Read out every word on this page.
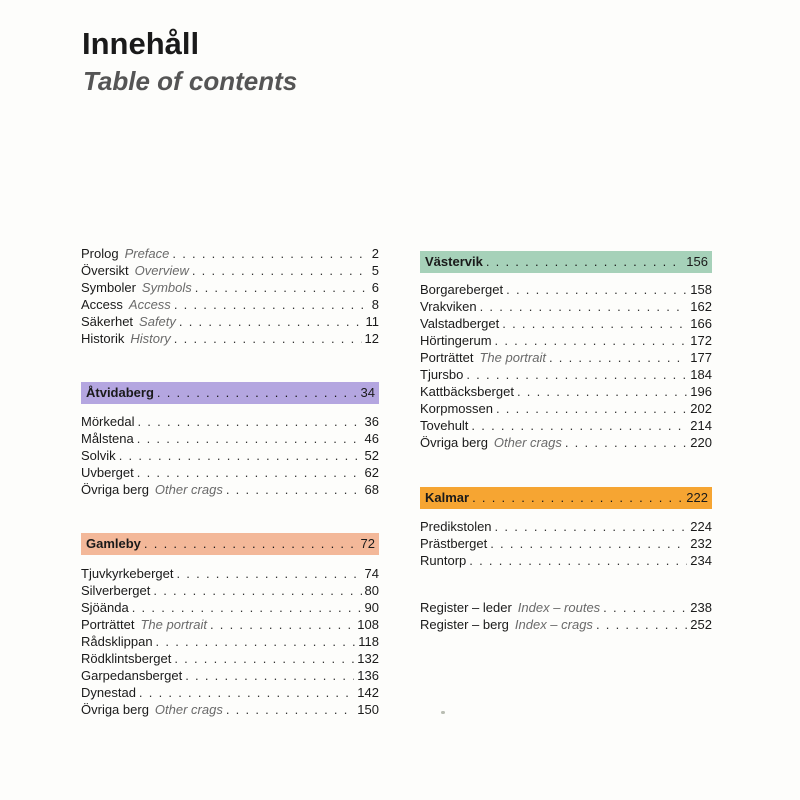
Innehåll
Table of contents
Prolog Preface . . .	2
Översikt Overview . . .	5
Symboler Symbols . . .	6
Access Access . . .	8
Säkerhet Safety . . .	11
Historik History . . .	12
Åtvidaberg . . .	34
Mörkedal . . .	36
Målstena . . .	46
Solvik . . .	52
Uvberget . . .	62
Övriga berg Other crags . . .	68
Gamleby . . .	72
Tjuvkyrkeberget . . .	74
Silverberget . . .	80
Sjöända . . .	90
Porträttet The portrait . . .	108
Rådsklippan . . .	118
Rödklintsberget . . .	132
Garpedansberget . . .	136
Dynestad . . .	142
Övriga berg Other crags . . .	150
Västervik . . .	156
Borgareberget . . .	158
Vrakviken . . .	162
Valstadberget . . .	166
Hörtingerum . . .	172
Porträttet The portrait . . .	177
Tjursbo . . .	184
Kattbäcksberget . . .	196
Korpmossen . . .	202
Tovehult . . .	214
Övriga berg Other crags . . .	220
Kalmar . . .	222
Predikstolen . . .	224
Prästberget . . .	232
Runtorp . . .	234
Register – leder Index – routes . . .	238
Register – berg Index – crags . . .	252
